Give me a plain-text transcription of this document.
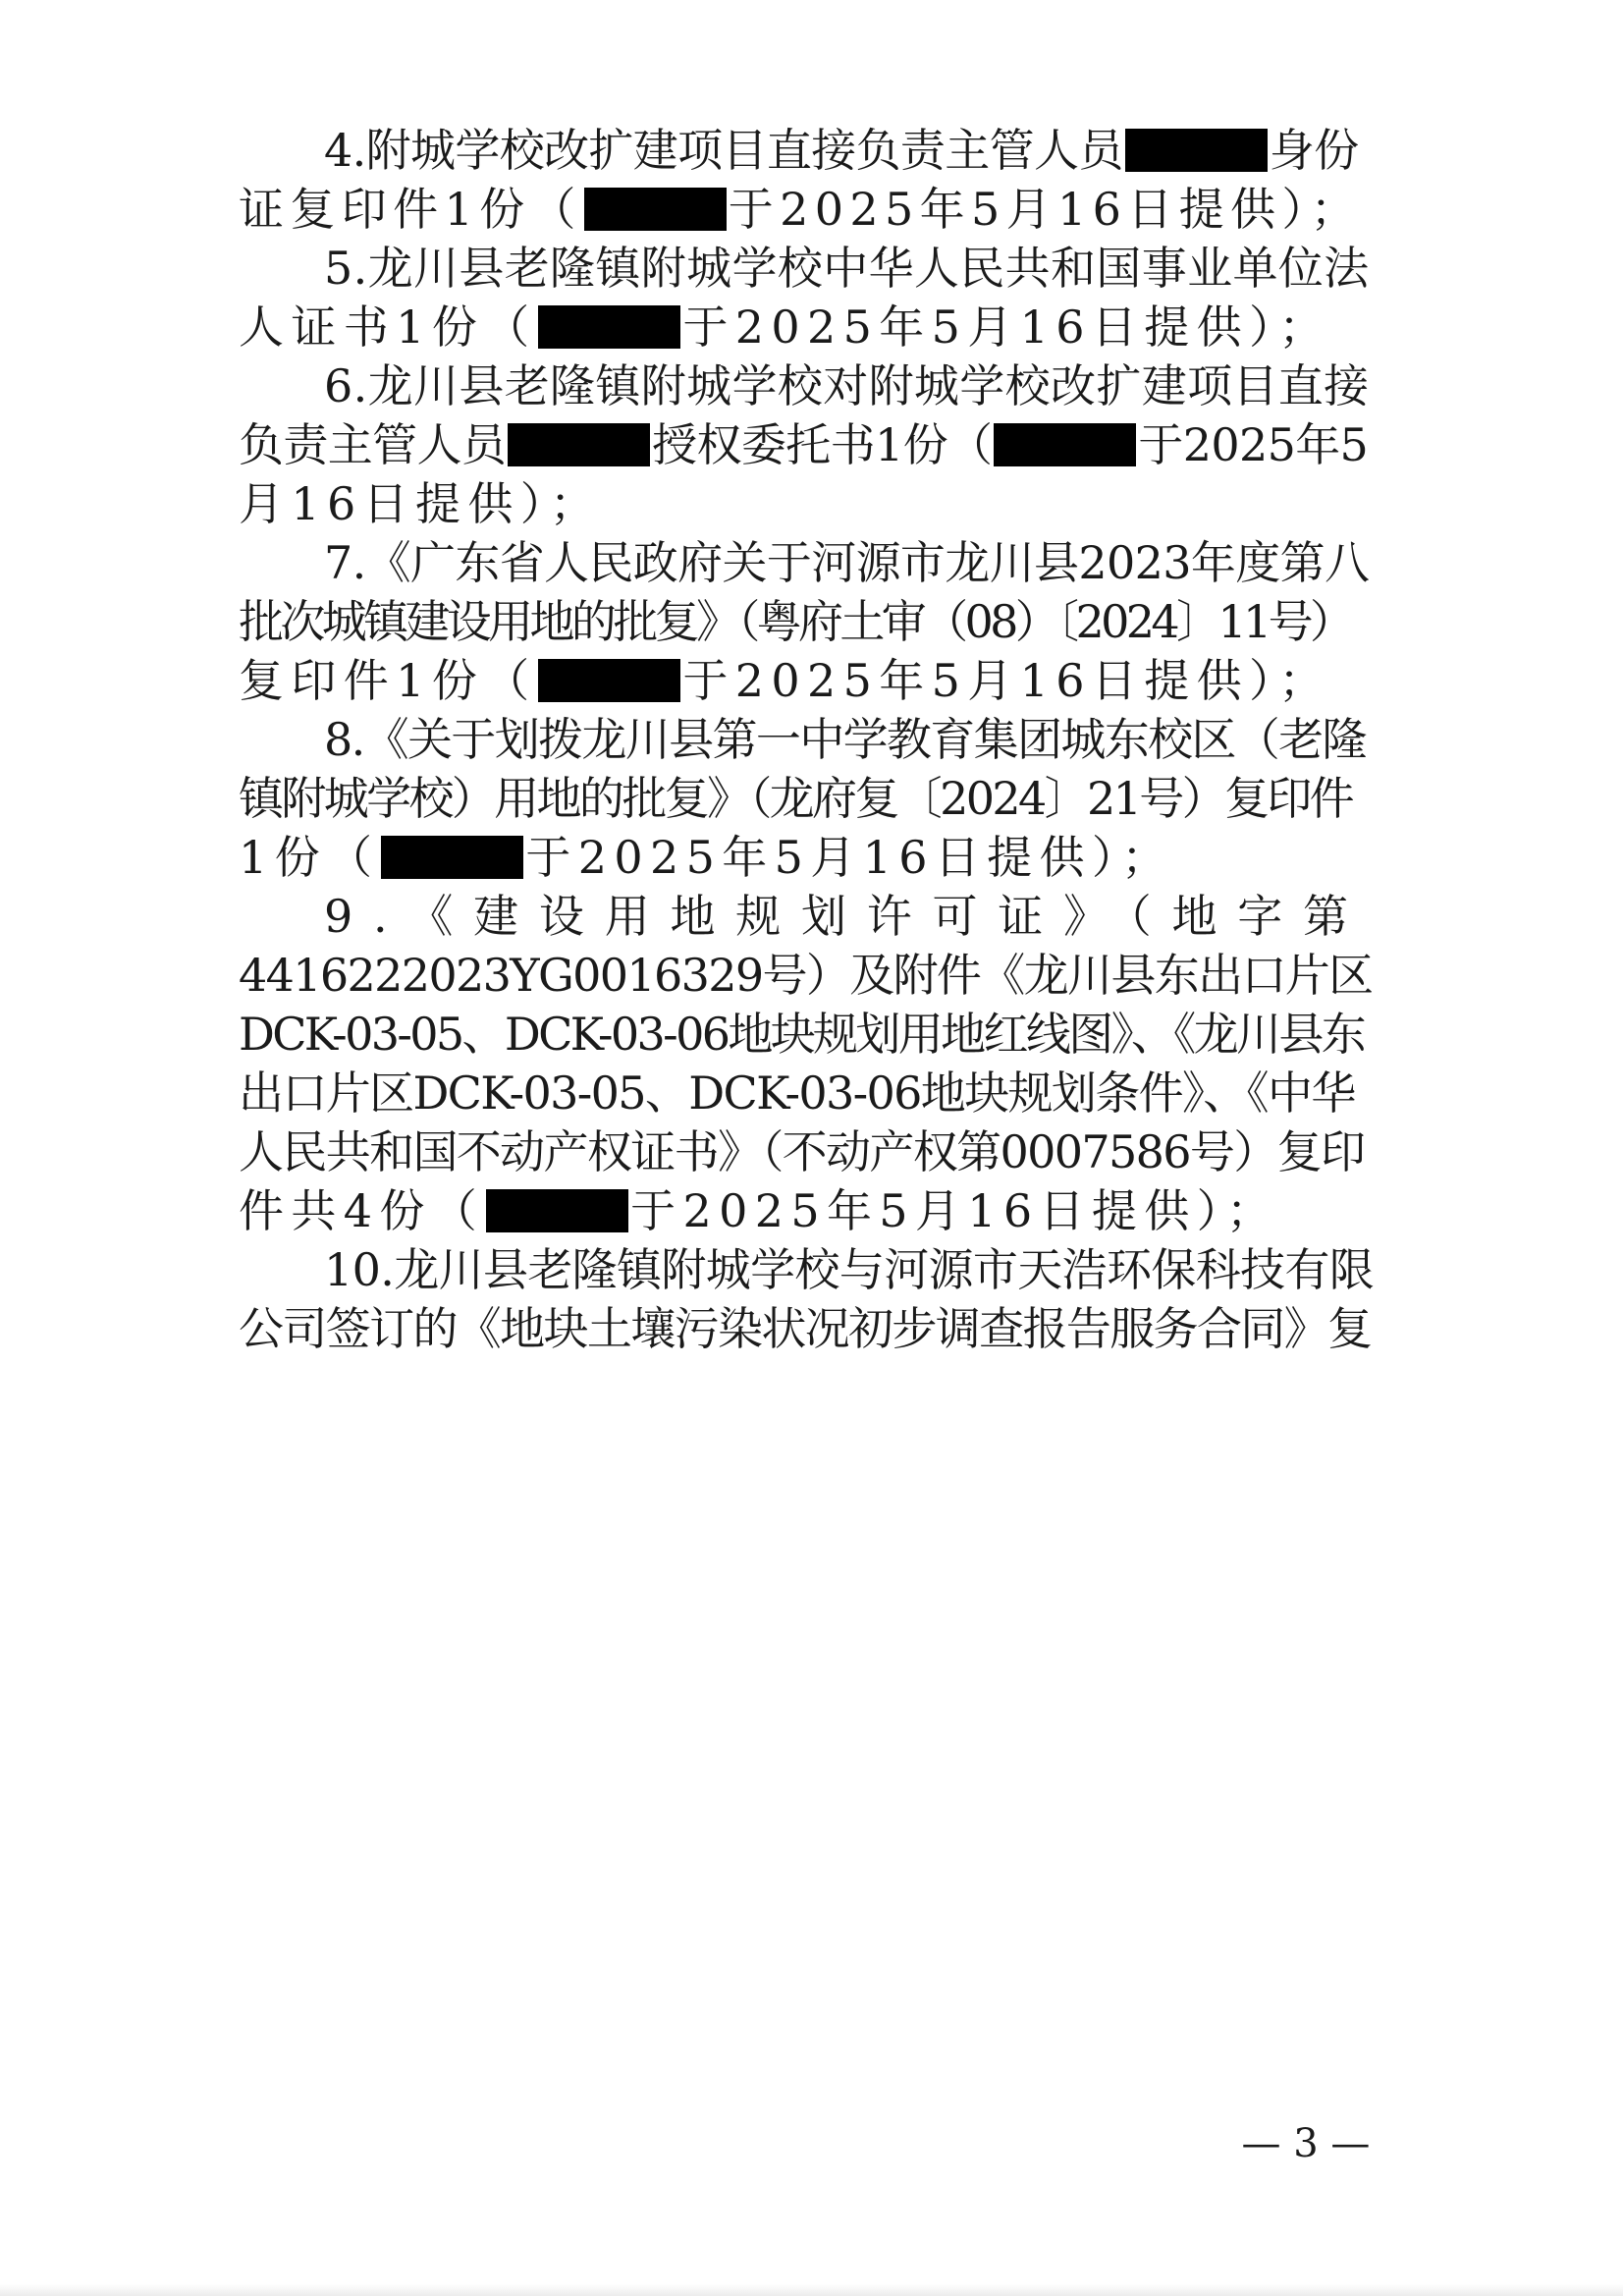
4.附城学校改扩建项目直接负责主管人员	身份
证复印件1份（	于2025年5月16日提供）；
5.龙川县老隆镇附城学校中华人民共和国事业单位法
人证书1份（	于2025年5月16日提供）；
6.龙川县老隆镇附城学校对附城学校改扩建项目直接
负责主管人员	授权委托书1份（	于2025年5
月16日提供）；
7.《广东省人民政府关于河源市龙川县2023年度第八
批次城镇建设用地的批复》（粤府土审（08）〔2024〕11号）
复印件1份（	于2025年5月16日提供）；
8.《关于划拨龙川县第一中学教育集团城东校区（老隆
镇附城学校）用地的批复》（龙府复〔2024〕21号）复印件
1份（	于2025年5月16日提供）；
9.《建设用地规划许可证》（地字第
4416222023YG0016329号）及附件《龙川县东出口片区
DCK-03-05、DCK-03-06地块规划用地红线图》、《龙川县东
出口片区DCK-03-05、DCK-03-06地块规划条件》、《中华
人民共和国不动产权证书》（不动产权第0007586号）复印
件共4份（	于2025年5月16日提供）；
10.龙川县老隆镇附城学校与河源市天浩环保科技有限
公司签订的《地块土壤污染状况初步调查报告服务合同》复
— 3 —
